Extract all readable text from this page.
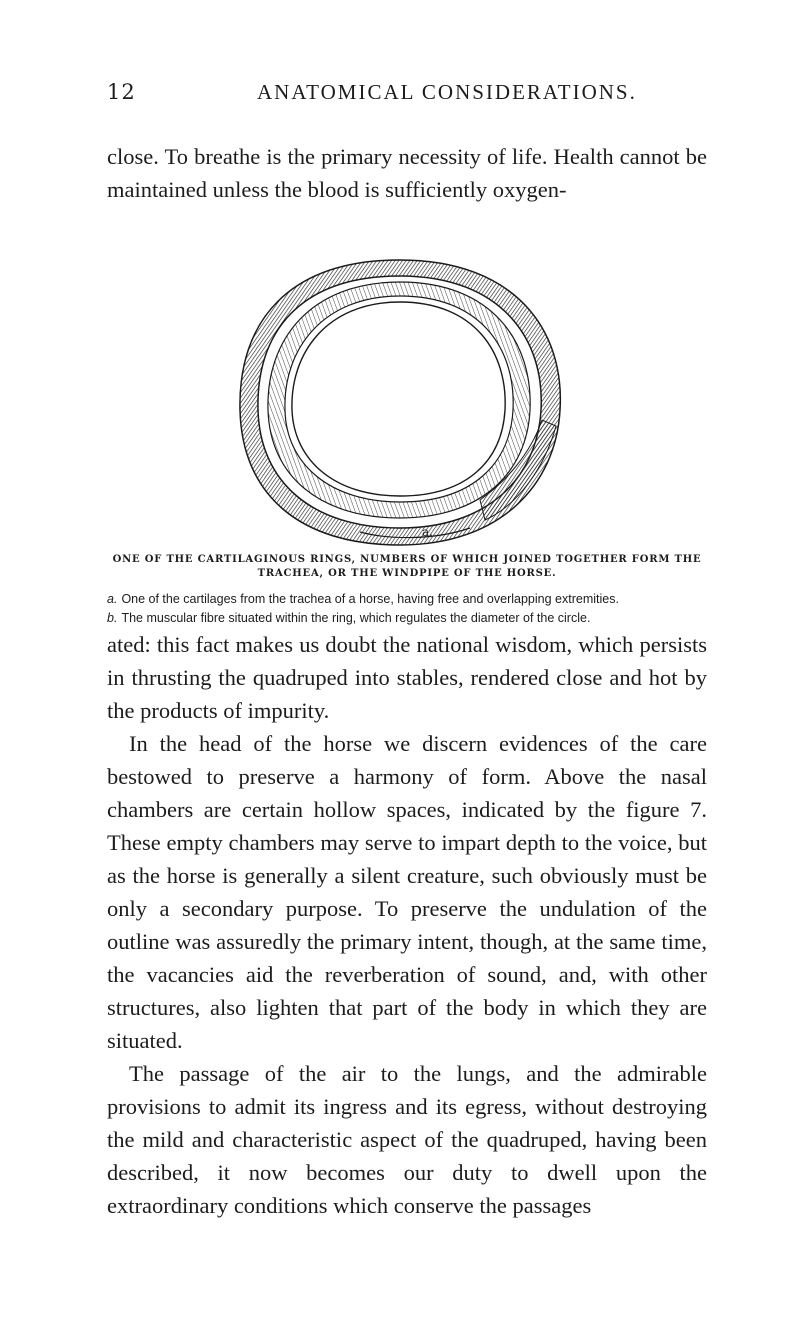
12	ANATOMICAL CONSIDERATIONS.

close. To breathe is the primary necessity of life. Health cannot be maintained unless the blood is sufficiently oxygen-

a.
ONE OF THE CARTILAGINOUS RINGS, NUMBERS OF WHICH JOINED TOGETHER FORM THE TRACHEA, OR THE WINDPIPE OF THE HORSE.
a. One of the cartilages from the trachea of a horse, having free and overlapping extremities.
b. The muscular fibre situated within the ring, which regulates the diameter of the circle.

ated: this fact makes us doubt the national wisdom, which persists in thrusting the quadruped into stables, rendered close and hot by the products of impurity.

In the head of the horse we discern evidences of the care bestowed to preserve a harmony of form. Above the nasal chambers are certain hollow spaces, indicated by the figure 7. These empty chambers may serve to impart depth to the voice, but as the horse is generally a silent creature, such obviously must be only a secondary purpose. To preserve the undulation of the outline was assuredly the primary intent, though, at the same time, the vacancies aid the reverberation of sound, and, with other structures, also lighten that part of the body in which they are situated.

The passage of the air to the lungs, and the admirable provisions to admit its ingress and its egress, without destroying the mild and characteristic aspect of the quadruped, having been described, it now becomes our duty to dwell upon the extraordinary conditions which conserve the passages
